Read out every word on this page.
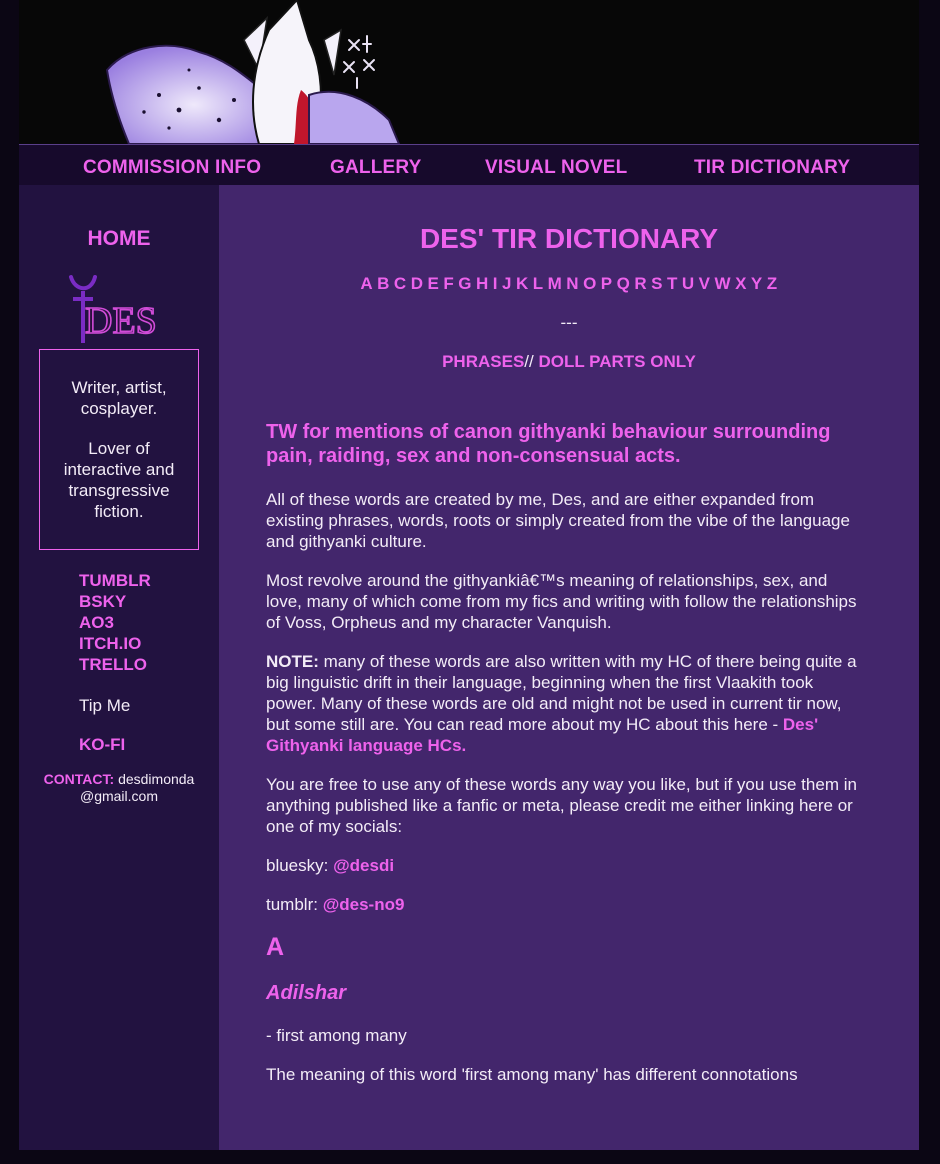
COMMISSION INFO	GALLERY	VISUAL NOVEL	TIR DICTIONARY
HOME
DES

Writer, artist, cosplayer.

Lover of interactive and transgressive fiction.

TUMBLR
BSKY
AO3
ITCH.IO
TRELLO
Tip Me
KO-FI
CONTACT: desdimonda
@gmail.com
DES' TIR DICTIONARY
A B C D E F G H I J K L M N O P Q R S T U V W X Y Z
---
PHRASES// DOLL PARTS ONLY

TW for mentions of canon githyanki behaviour surrounding pain, raiding, sex and non-consensual acts.

All of these words are created by me, Des, and are either expanded from existing phrases, words, roots or simply created from the vibe of the language and githyanki culture.

Most revolve around the githyankiâ€™s meaning of relationships, sex, and love, many of which come from my fics and writing with follow the relationships of Voss, Orpheus and my character Vanquish.

NOTE: many of these words are also written with my HC of there being quite a big linguistic drift in their language, beginning when the first Vlaakith took power. Many of these words are old and might not be used in current tir now, but some still are. You can read more about my HC about this here - Des' Githyanki language HCs.

You are free to use any of these words any way you like, but if you use them in anything published like a fanfic or meta, please credit me either linking here or one of my socials:

bluesky: @desdi

tumblr: @des-no9

A
Adilshar

- first among many

The meaning of this word 'first among many' has different connotations
